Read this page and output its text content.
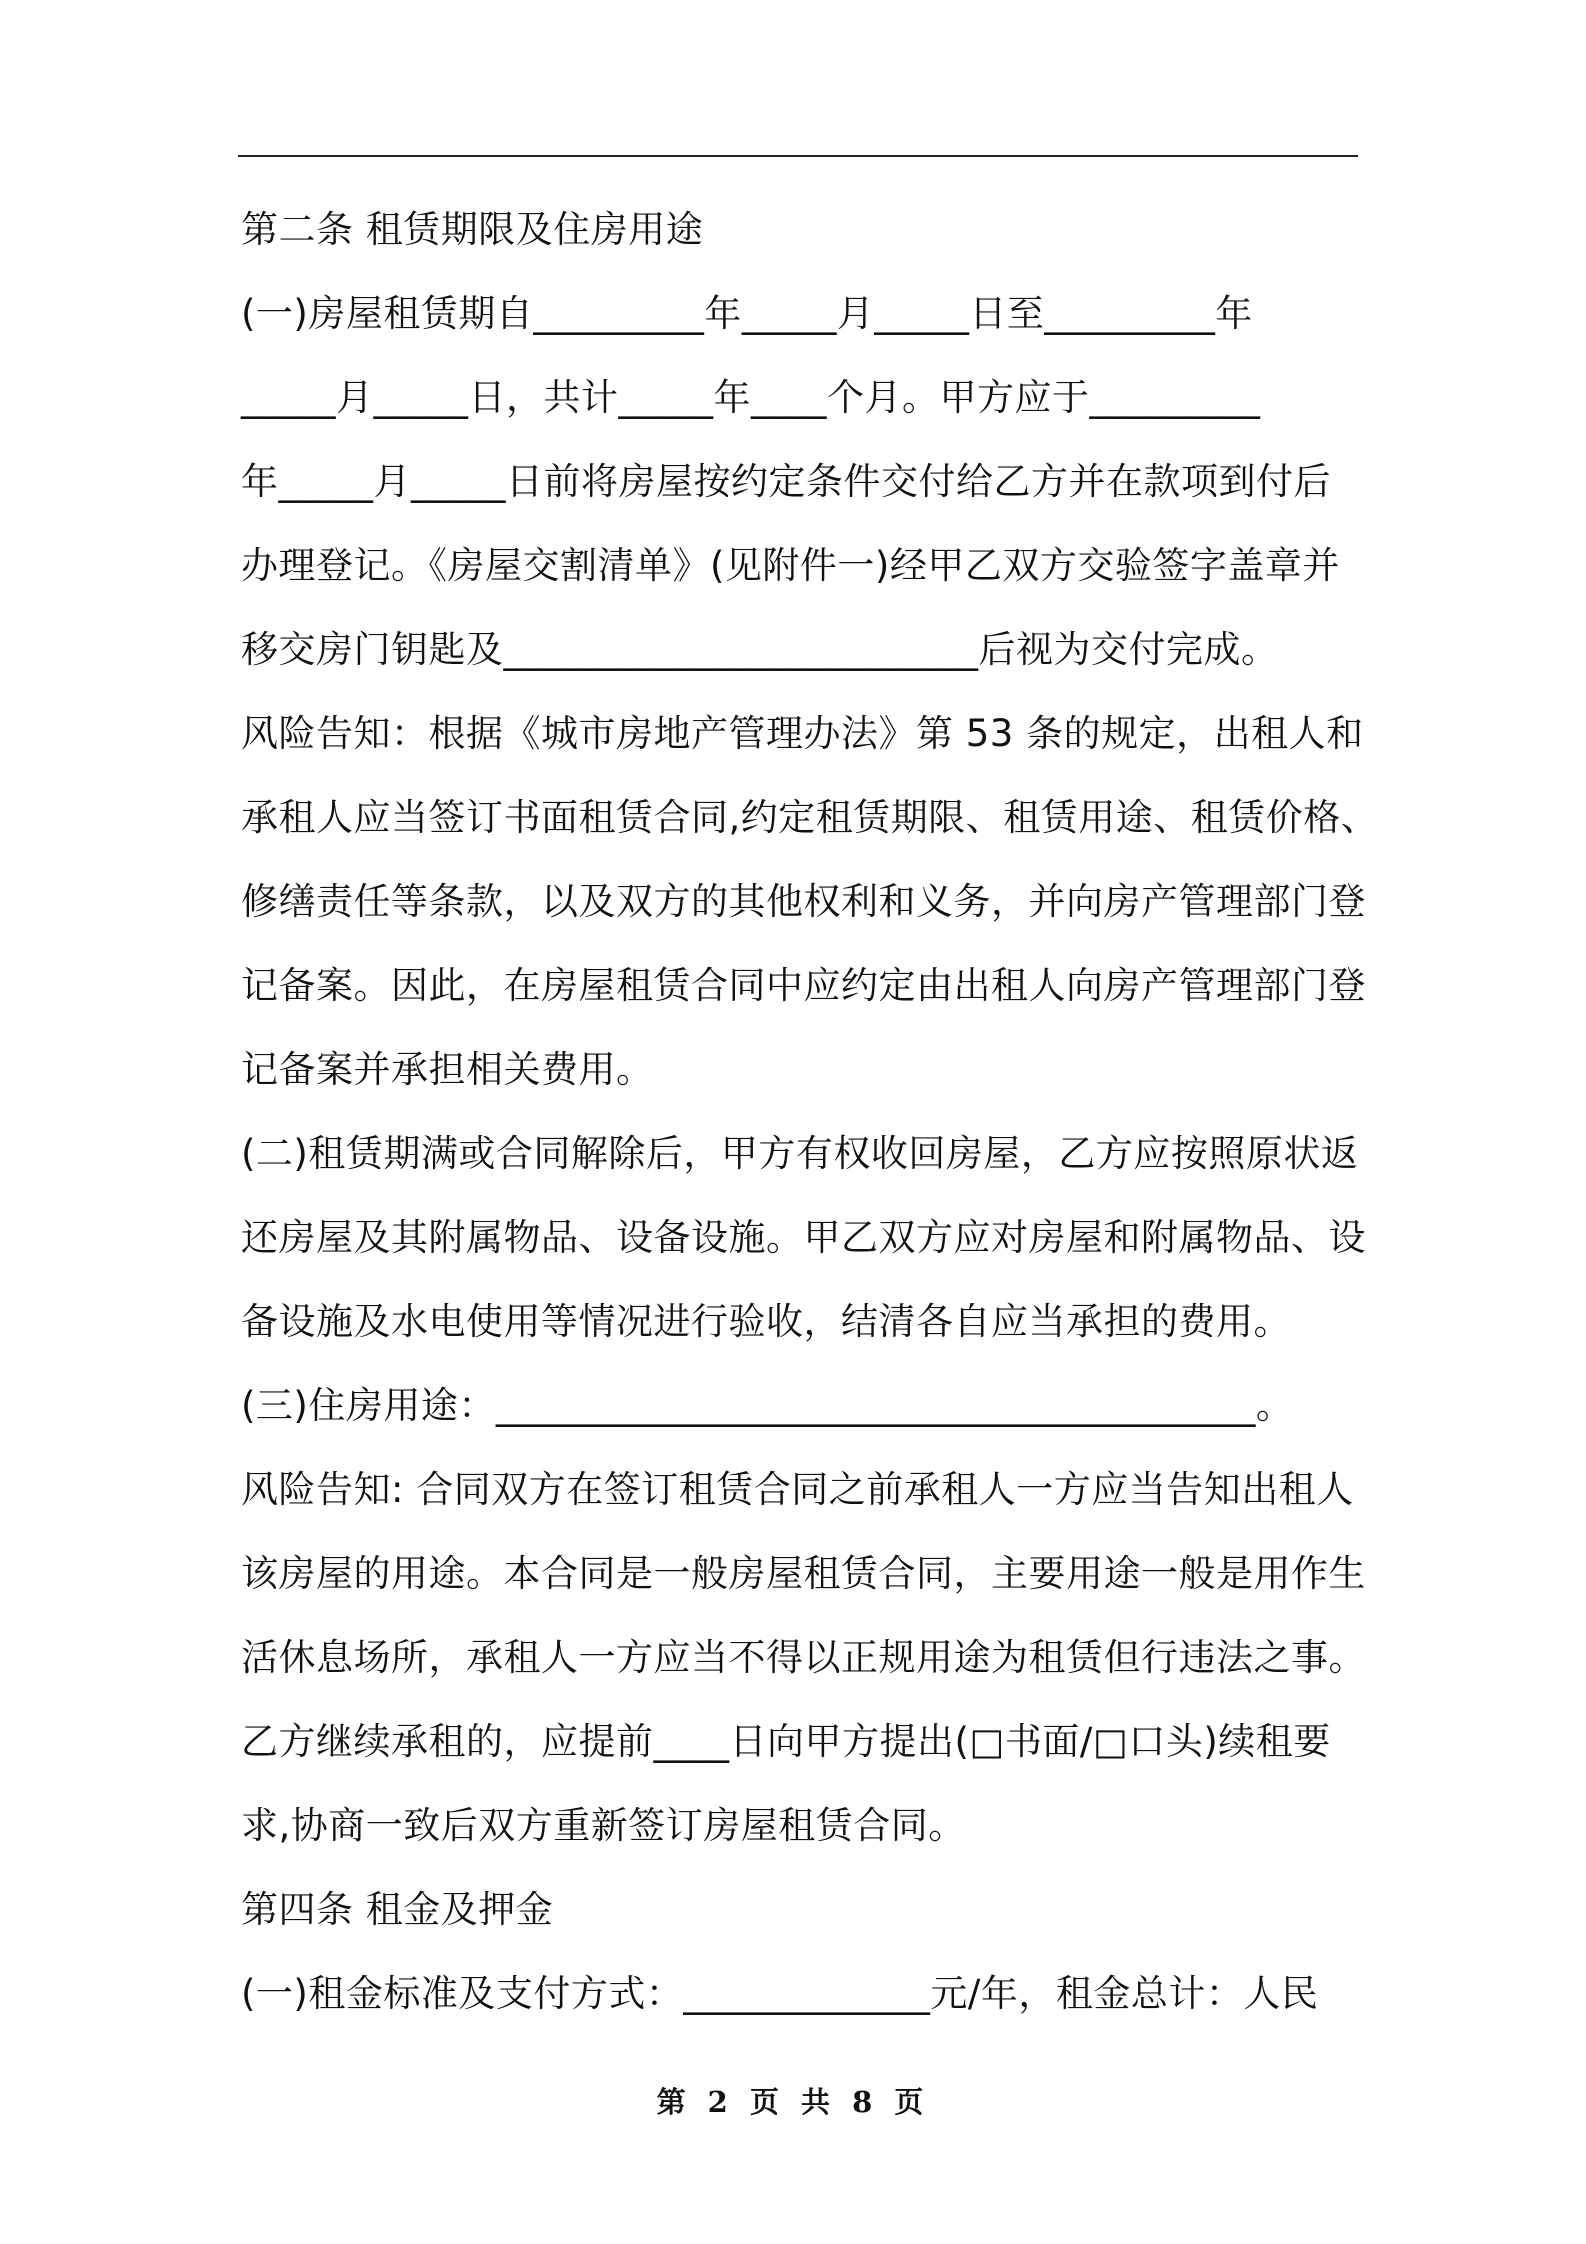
第二条 租赁期限及住房用途
(一)房屋租赁期自_________年_____月_____日至_________年
_____月_____日，共计_____年____个月。甲方应于_________
年_____月_____日前将房屋按约定条件交付给乙方并在款项到付后
办理登记。《房屋交割清单》(见附件一)经甲乙双方交验签字盖章并
移交房门钥匙及_________________________后视为交付完成。
风险告知：根据《城市房地产管理办法》第 53 条的规定，出租人和
承租人应当签订书面租赁合同,约定租赁期限、租赁用途、租赁价格、
修缮责任等条款，以及双方的其他权利和义务，并向房产管理部门登
记备案。因此，在房屋租赁合同中应约定由出租人向房产管理部门登
记备案并承担相关费用。
(二)租赁期满或合同解除后，甲方有权收回房屋，乙方应按照原状返
还房屋及其附属物品、设备设施。甲乙双方应对房屋和附属物品、设
备设施及水电使用等情况进行验收，结清各自应当承担的费用。
(三)住房用途：________________________________________。
风险告知: 合同双方在签订租赁合同之前承租人一方应当告知出租人
该房屋的用途。本合同是一般房屋租赁合同，主要用途一般是用作生
活休息场所，承租人一方应当不得以正规用途为租赁但行违法之事。
乙方继续承租的，应提前____日向甲方提出(□书面/□口头)续租要
求,协商一致后双方重新签订房屋租赁合同。
第四条 租金及押金
(一)租金标准及支付方式：_____________元/年，租金总计：人民
第 2 页 共 8 页
